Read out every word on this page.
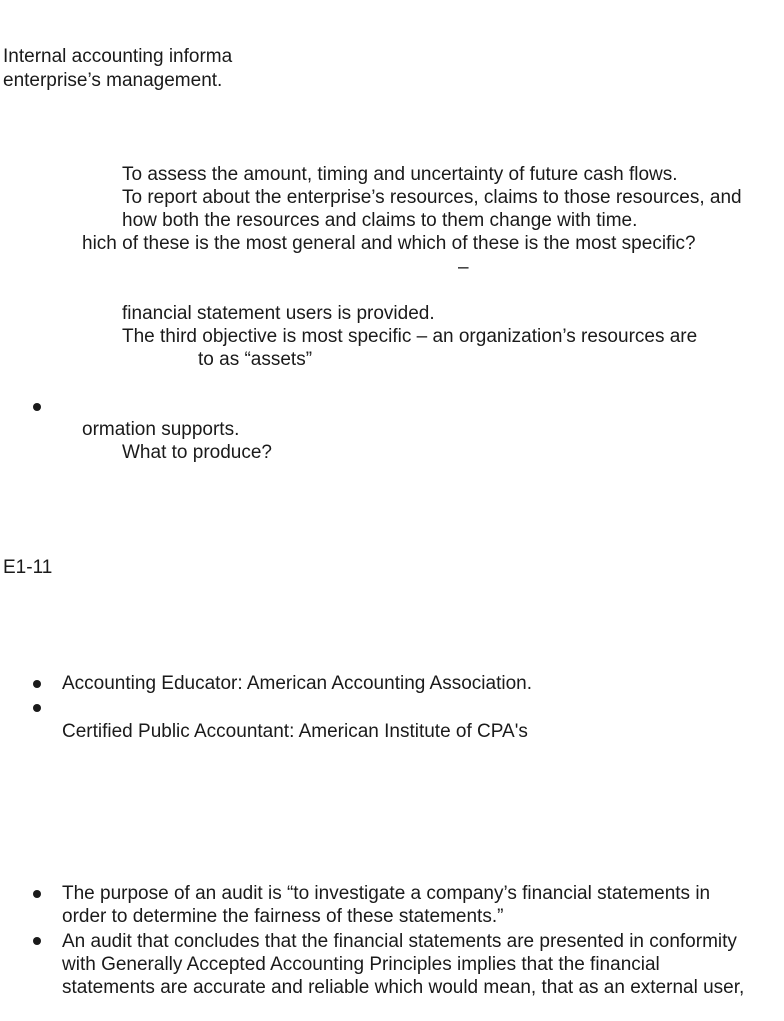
Internal accounting informa

enterprise’s management.

To assess the amount, timing and uncertainty of future cash flows.

To report about the enterprise’s resources, claims to those resources, and

how both the resources and claims to them change with time.

hich of these is the most general and which of these is the most specific?

–

financial statement users is provided.

The third objective is most specific – an organization’s resources are

to as “assets”

ormation supports.

What to produce?

E1-11

Accounting Educator: American Accounting Association.

Certified Public Accountant: American Institute of CPA's

The purpose of an audit is “to investigate a company’s financial statements in

order to determine the fairness of these statements.”

An audit that concludes that the financial statements are presented in conformity

with Generally Accepted Accounting Principles implies that the financial

statements are accurate and reliable which would mean, that as an external user,
